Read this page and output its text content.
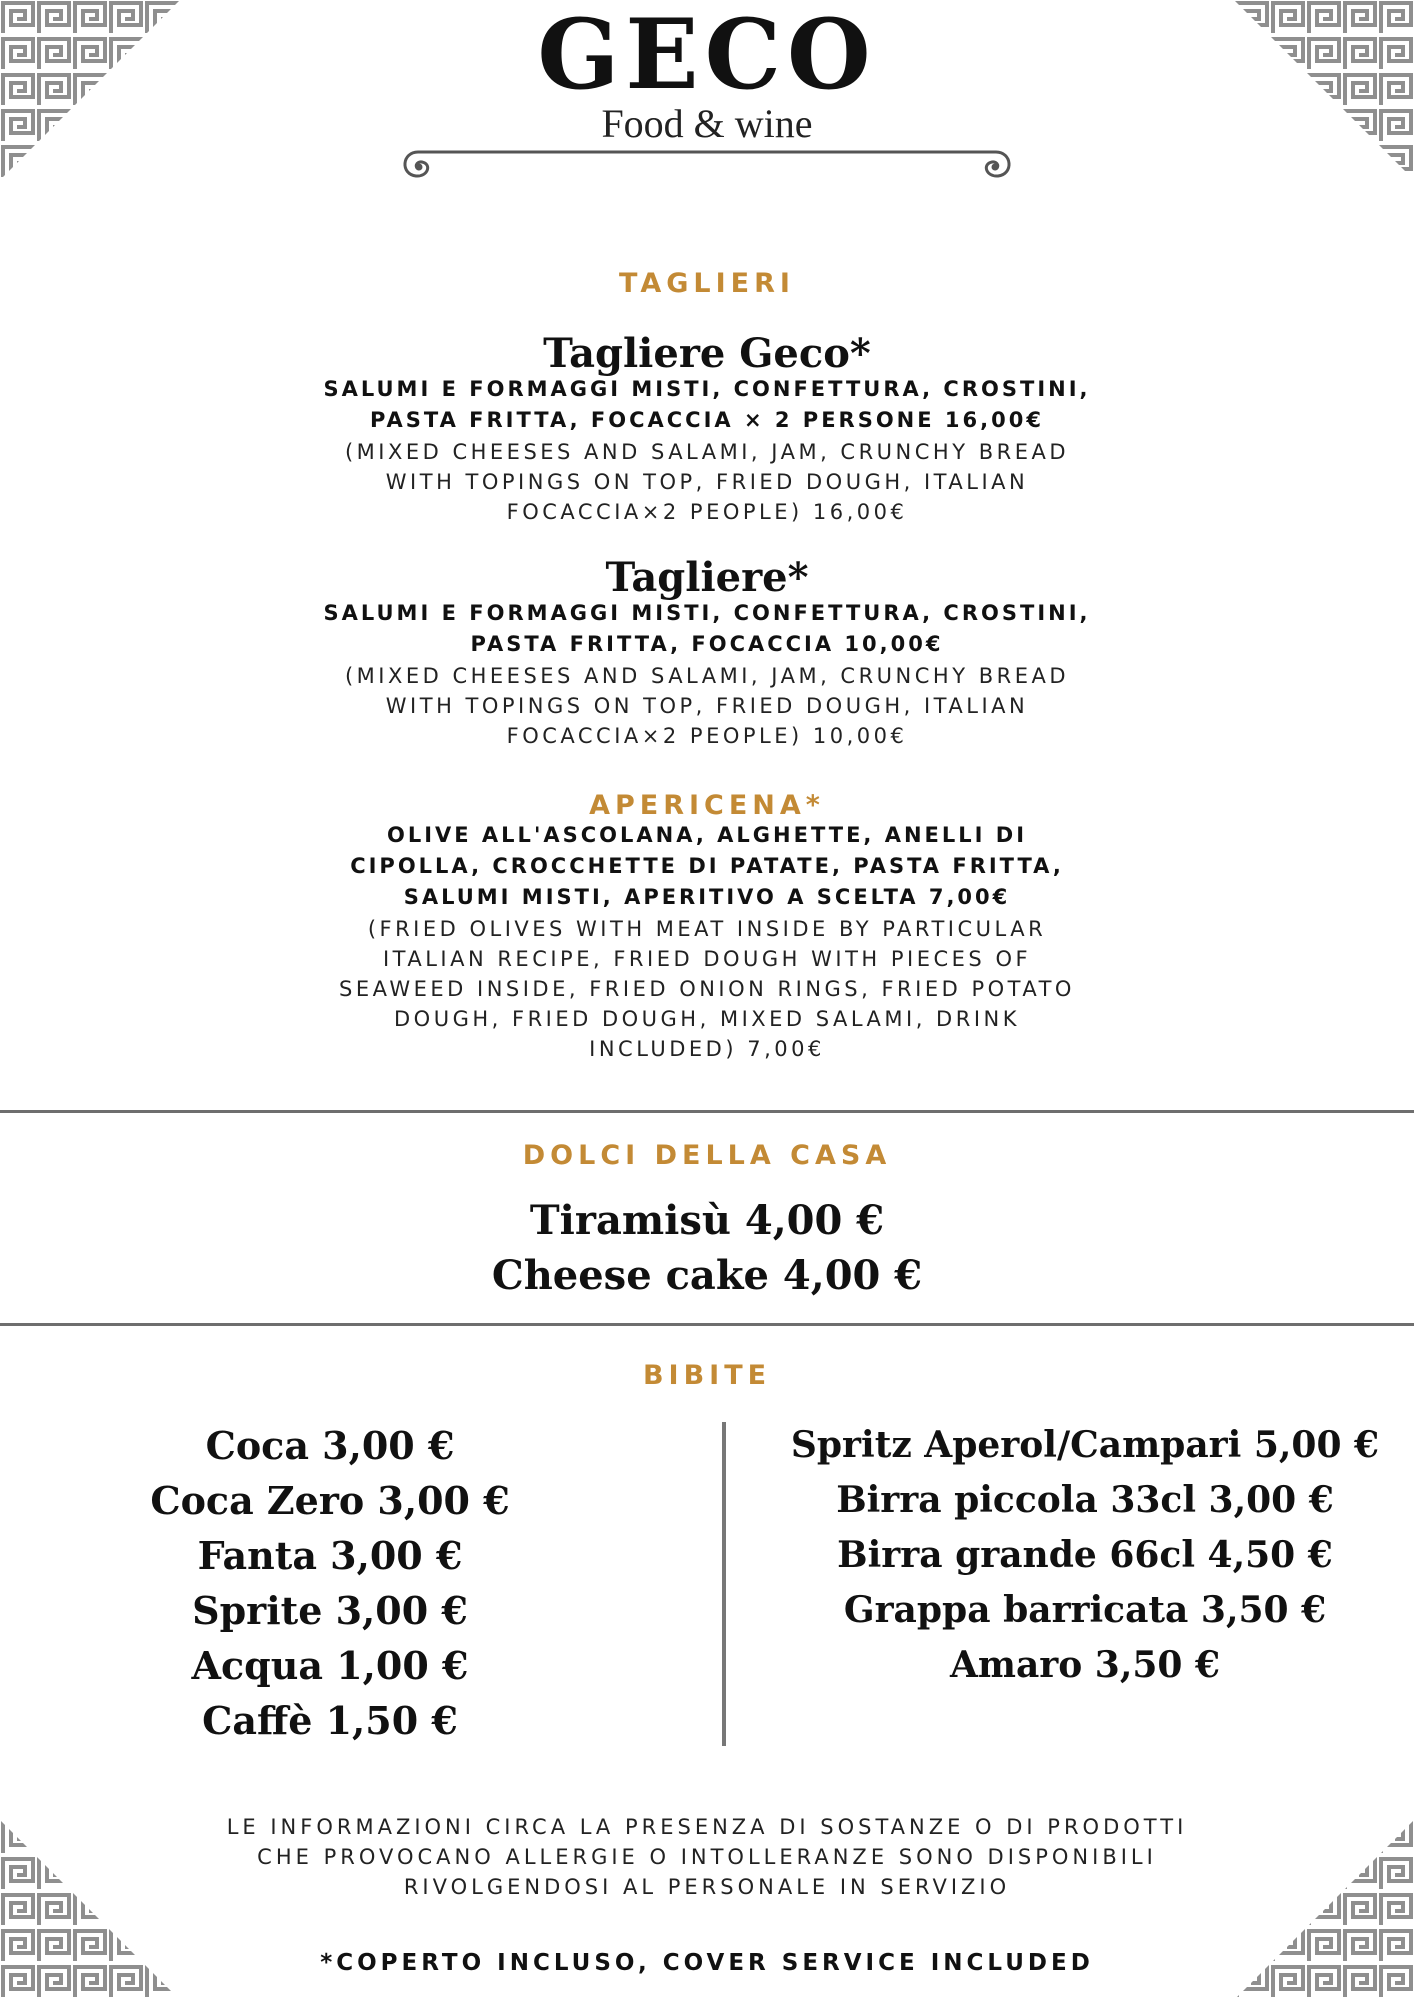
GECO
Food & wine
TAGLIERI
Tagliere Geco*
SALUMI E FORMAGGI MISTI, CONFETTURA, CROSTINI,
PASTA FRITTA, FOCACCIA × 2 PERSONE 16,00€
(MIXED CHEESES AND SALAMI, JAM, CRUNCHY BREAD
WITH TOPINGS ON TOP, FRIED DOUGH, ITALIAN
FOCACCIA×2 PEOPLE) 16,00€
Tagliere*
SALUMI E FORMAGGI MISTI, CONFETTURA, CROSTINI,
PASTA FRITTA, FOCACCIA 10,00€
(MIXED CHEESES AND SALAMI, JAM, CRUNCHY BREAD
WITH TOPINGS ON TOP, FRIED DOUGH, ITALIAN
FOCACCIA×2 PEOPLE) 10,00€
APERICENA*
OLIVE ALL'ASCOLANA, ALGHETTE, ANELLI DI
CIPOLLA, CROCCHETTE DI PATATE, PASTA FRITTA,
SALUMI MISTI, APERITIVO A SCELTA 7,00€
(FRIED OLIVES WITH MEAT INSIDE BY PARTICULAR
ITALIAN RECIPE, FRIED DOUGH WITH PIECES OF
SEAWEED INSIDE, FRIED ONION RINGS, FRIED POTATO
DOUGH, FRIED DOUGH, MIXED SALAMI, DRINK
INCLUDED) 7,00€
DOLCI DELLA CASA
Tiramisù 4,00 €
Cheese cake 4,00 €
BIBITE
Coca 3,00 €
Coca Zero 3,00 €
Fanta 3,00 €
Sprite 3,00 €
Acqua 1,00 €
Caffè 1,50 €
Spritz Aperol/Campari 5,00 €
Birra piccola 33cl 3,00 €
Birra grande 66cl 4,50 €
Grappa barricata 3,50 €
Amaro 3,50 €
LE INFORMAZIONI CIRCA LA PRESENZA DI SOSTANZE O DI PRODOTTI
CHE PROVOCANO ALLERGIE O INTOLLERANZE SONO DISPONIBILI
RIVOLGENDOSI AL PERSONALE IN SERVIZIO
*COPERTO INCLUSO, COVER SERVICE INCLUDED
